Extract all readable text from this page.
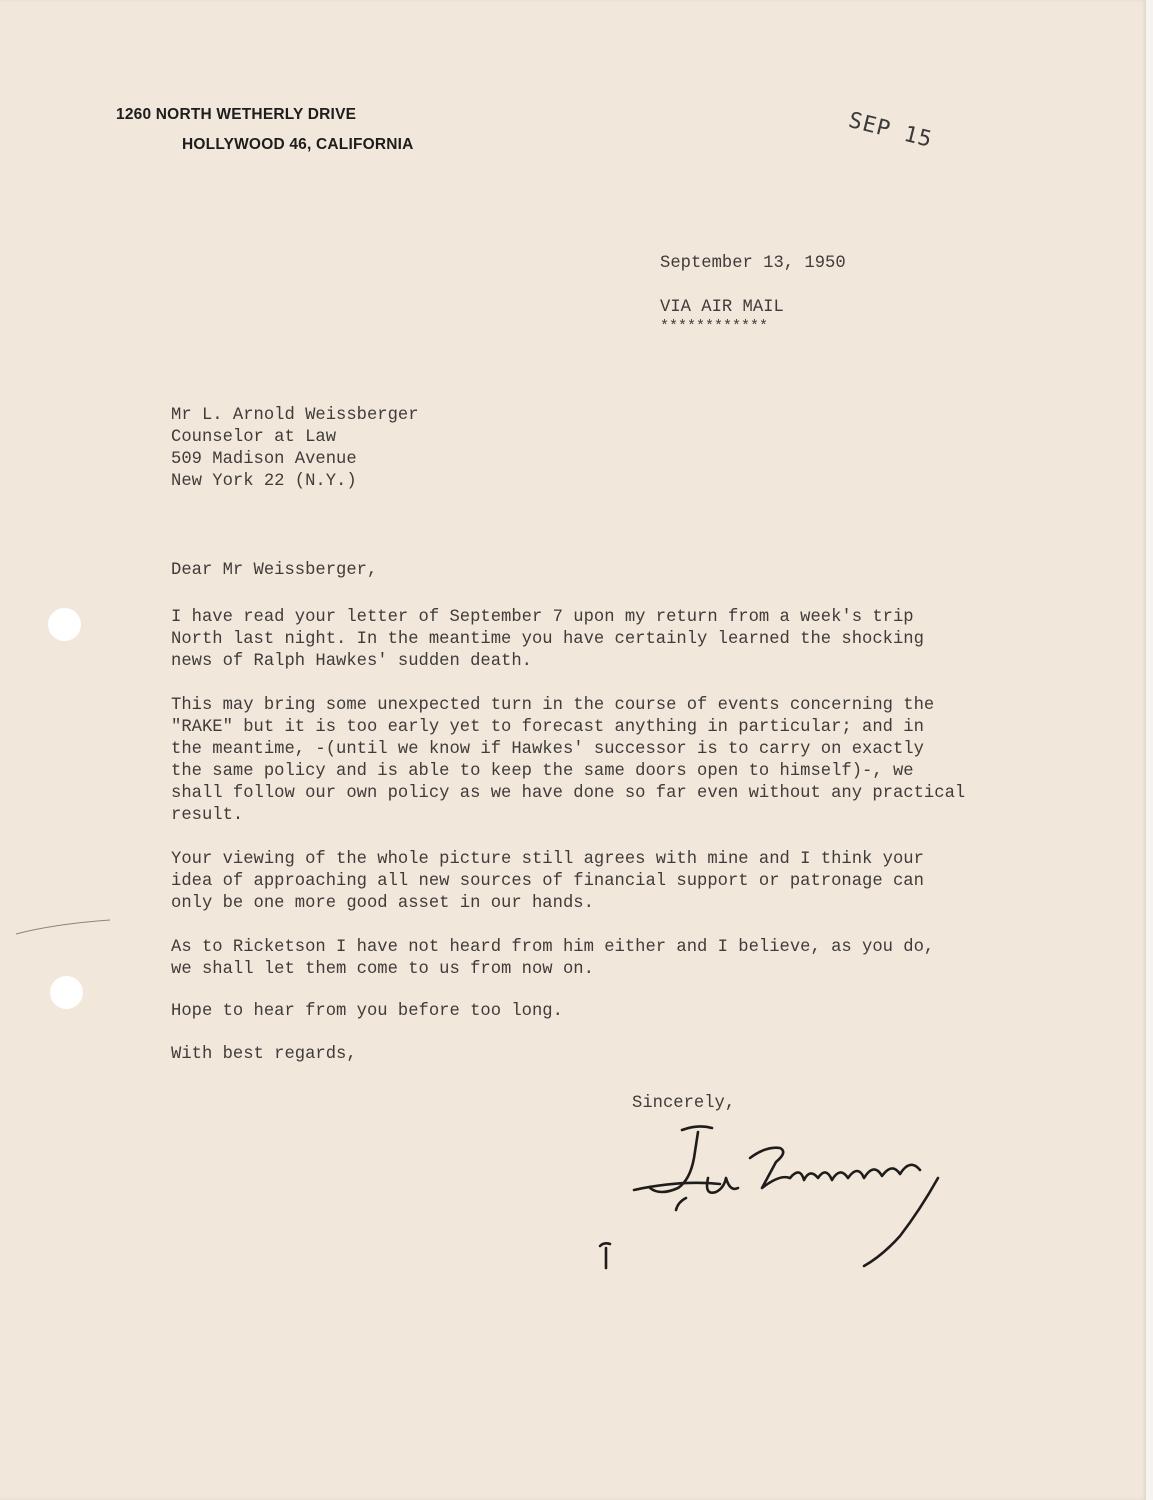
1260 NORTH WETHERLY DRIVE
HOLLYWOOD 46, CALIFORNIA	SEP 15
September 13, 1950
VIA AIR MAIL
************
Mr L. Arnold Weissberger
Counselor at Law
509 Madison Avenue
New York 22 (N.Y.)
Dear Mr Weissberger,
I have read your letter of September 7 upon my return from a week's trip
North last night. In the meantime you have certainly learned the shocking
news of Ralph Hawkes' sudden death.
This may bring some unexpected turn in the course of events concerning the
"RAKE" but it is too early yet to forecast anything in particular; and in
the meantime, -(until we know if Hawkes' successor is to carry on exactly
the same policy and is able to keep the same doors open to himself)-, we
shall follow our own policy as we have done so far even without any practical
result.
Your viewing of the whole picture still agrees with mine and I think your
idea of approaching all new sources of financial support or patronage can
only be one more good asset in our hands.
As to Ricketson I have not heard from him either and I believe, as you do,
we shall let them come to us from now on.
Hope to hear from you before too long.
With best regards,
Sincerely,
